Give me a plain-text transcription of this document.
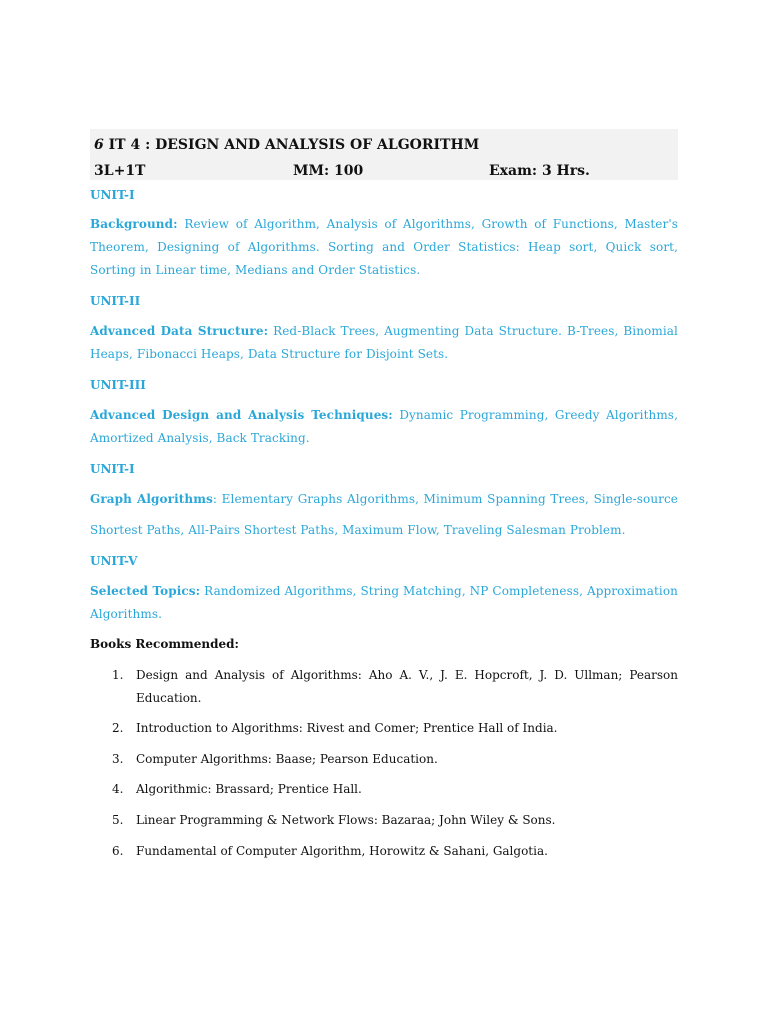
6 IT 4 : DESIGN AND ANALYSIS OF ALGORITHM
3L+1T	MM: 100	Exam: 3 Hrs.
UNIT-I
Background: Review of Algorithm, Analysis of Algorithms, Growth of Functions, Master's Theorem, Designing of Algorithms. Sorting and Order Statistics: Heap sort, Quick sort, Sorting in Linear time, Medians and Order Statistics.
UNIT-II
Advanced Data Structure: Red-Black Trees, Augmenting Data Structure. B-Trees, Binomial Heaps, Fibonacci Heaps, Data Structure for Disjoint Sets.
UNIT-III
Advanced Design and Analysis Techniques: Dynamic Programming, Greedy Algorithms, Amortized Analysis, Back Tracking.
UNIT-I
Graph Algorithms: Elementary Graphs Algorithms, Minimum Spanning Trees, Single-source Shortest Paths, All-Pairs Shortest Paths, Maximum Flow, Traveling Salesman Problem.
UNIT-V
Selected Topics: Randomized Algorithms, String Matching, NP Completeness, Approximation Algorithms.
Books Recommended:
1.	Design and Analysis of Algorithms: Aho A. V., J. E. Hopcroft, J. D. Ullman; Pearson Education.
2.	Introduction to Algorithms: Rivest and Comer; Prentice Hall of India.
3.	Computer Algorithms: Baase; Pearson Education.
4.	Algorithmic: Brassard; Prentice Hall.
5.	Linear Programming & Network Flows: Bazaraa; John Wiley & Sons.
6.	Fundamental of Computer Algorithm, Horowitz & Sahani, Galgotia.
